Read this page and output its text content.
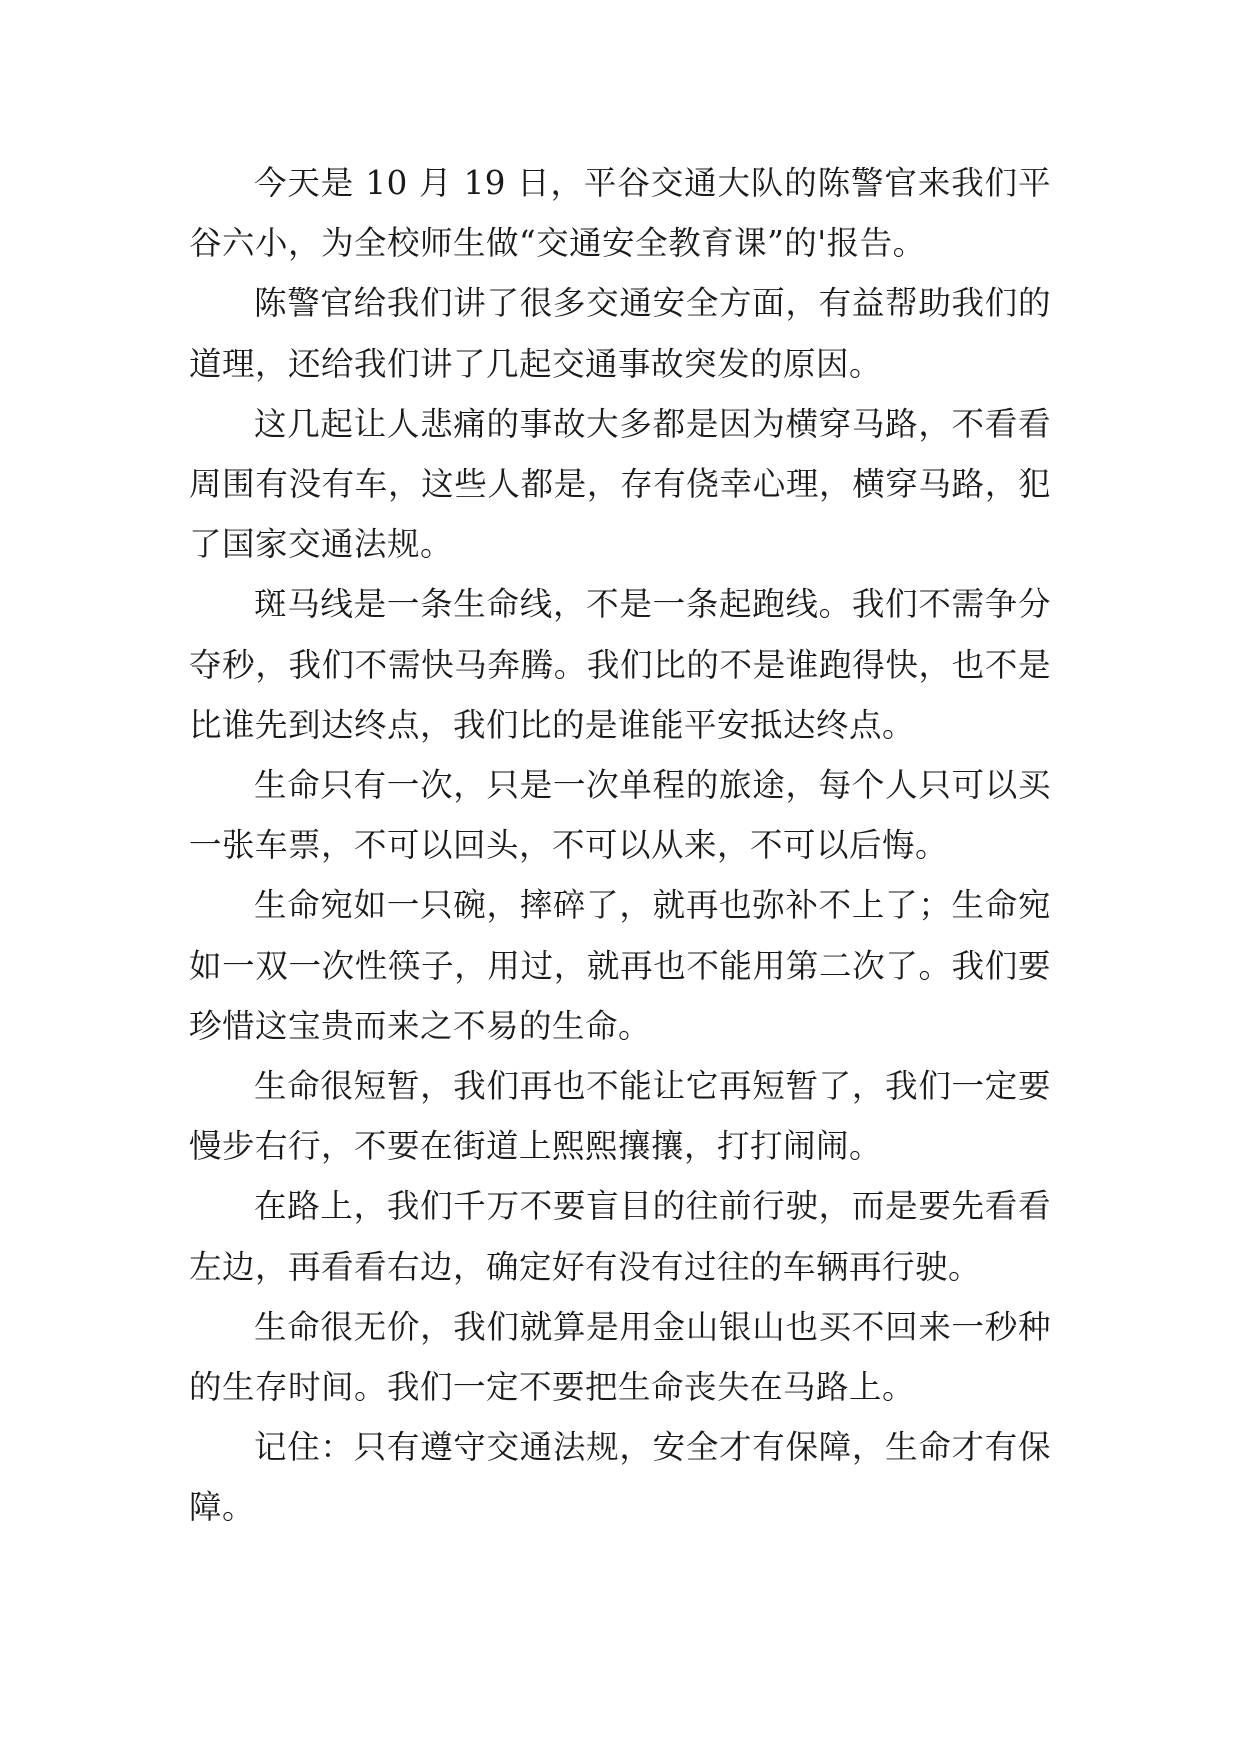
今天是 10 月 19 日，平谷交通大队的陈警官来我们平谷六小，为全校师生做“交通安全教育课”的'报告。

陈警官给我们讲了很多交通安全方面，有益帮助我们的道理，还给我们讲了几起交通事故突发的原因。

这几起让人悲痛的事故大多都是因为横穿马路，不看看周围有没有车，这些人都是，存有侥幸心理，横穿马路，犯了国家交通法规。

斑马线是一条生命线，不是一条起跑线。我们不需争分夺秒，我们不需快马奔腾。我们比的不是谁跑得快，也不是比谁先到达终点，我们比的是谁能平安抵达终点。

生命只有一次，只是一次单程的旅途，每个人只可以买一张车票，不可以回头，不可以从来，不可以后悔。

生命宛如一只碗，摔碎了，就再也弥补不上了；生命宛如一双一次性筷子，用过，就再也不能用第二次了。我们要珍惜这宝贵而来之不易的生命。

生命很短暂，我们再也不能让它再短暂了，我们一定要慢步右行，不要在街道上熙熙攘攘，打打闹闹。

在路上，我们千万不要盲目的往前行驶，而是要先看看左边，再看看右边，确定好有没有过往的车辆再行驶。

生命很无价，我们就算是用金山银山也买不回来一秒种的生存时间。我们一定不要把生命丧失在马路上。

记住：只有遵守交通法规，安全才有保障，生命才有保障。
